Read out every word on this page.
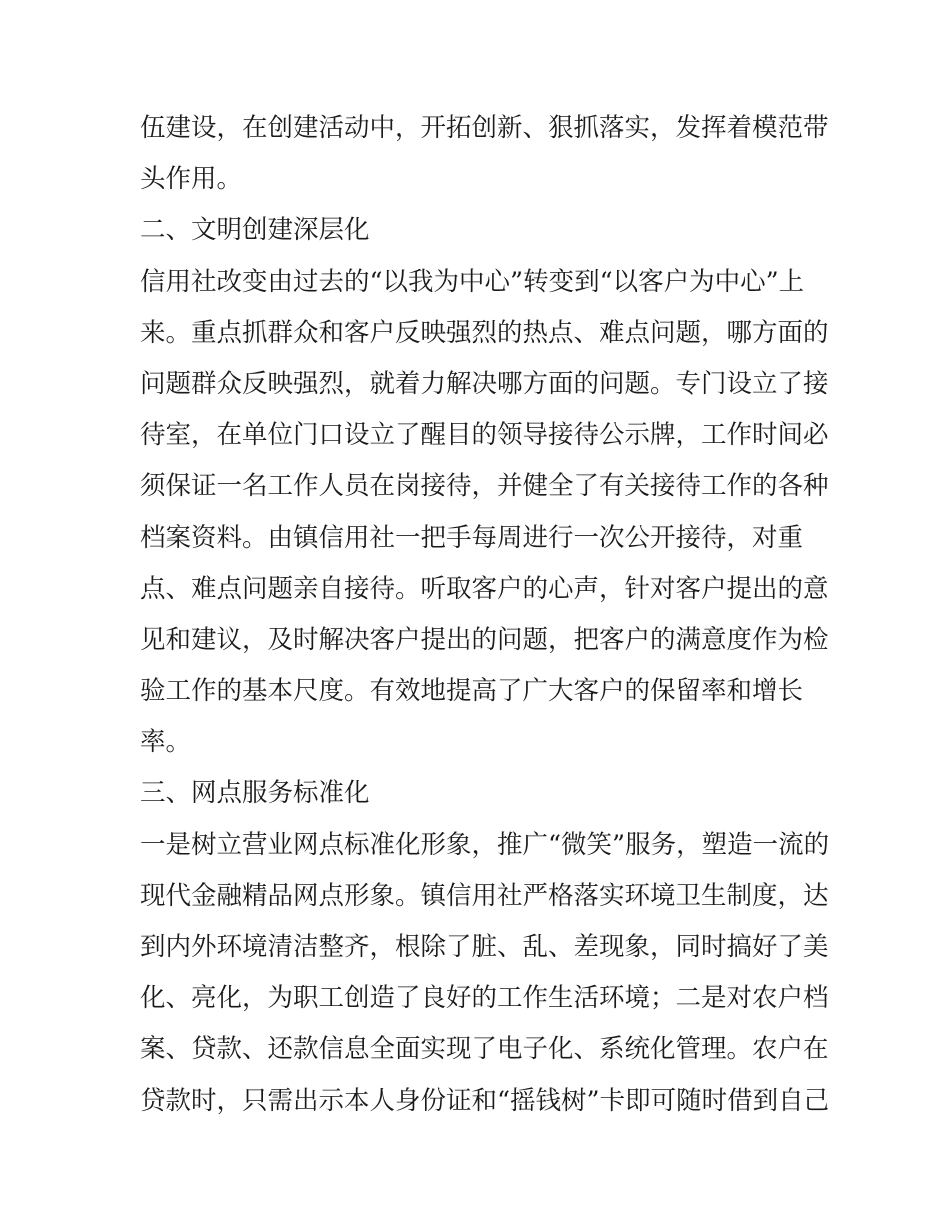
伍建设，在创建活动中，开拓创新、狠抓落实，发挥着模范带
头作用。
二、文明创建深层化
信用社改变由过去的“以我为中心”转变到“以客户为中心”上
来。重点抓群众和客户反映强烈的热点、难点问题，哪方面的
问题群众反映强烈，就着力解决哪方面的问题。专门设立了接
待室，在单位门口设立了醒目的领导接待公示牌，工作时间必
须保证一名工作人员在岗接待，并健全了有关接待工作的各种
档案资料。由镇信用社一把手每周进行一次公开接待，对重
点、难点问题亲自接待。听取客户的心声，针对客户提出的意
见和建议，及时解决客户提出的问题，把客户的满意度作为检
验工作的基本尺度。有效地提高了广大客户的保留率和增长
率。
三、网点服务标准化
一是树立营业网点标准化形象，推广“微笑”服务，塑造一流的
现代金融精品网点形象。镇信用社严格落实环境卫生制度，达
到内外环境清洁整齐，根除了脏、乱、差现象，同时搞好了美
化、亮化，为职工创造了良好的工作生活环境；二是对农户档
案、贷款、还款信息全面实现了电子化、系统化管理。农户在
贷款时，只需出示本人身份证和“摇钱树”卡即可随时借到自己
